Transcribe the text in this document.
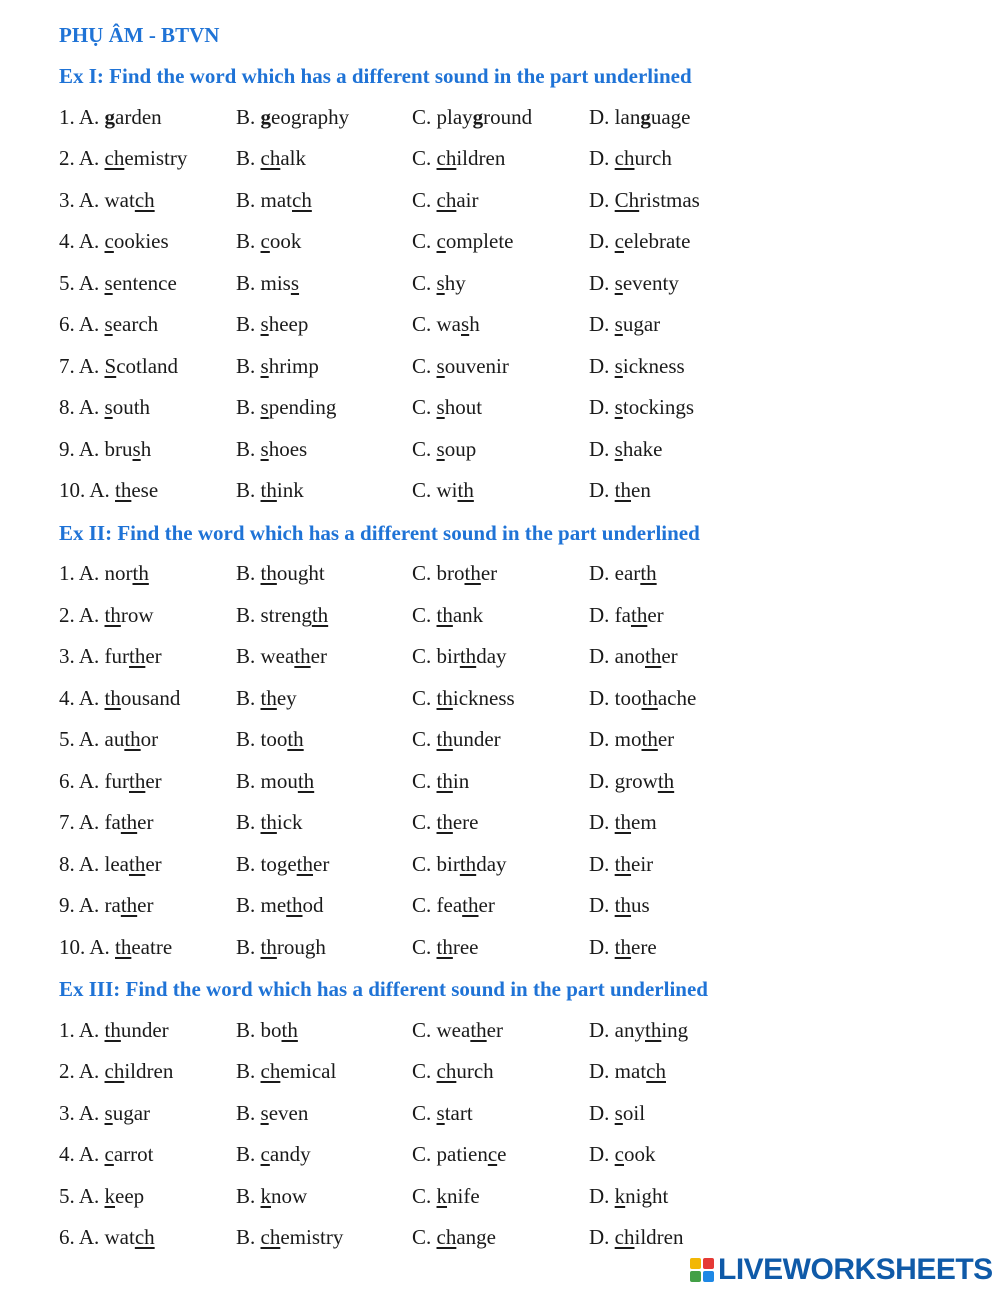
PHỤ ÂM - BTVN
Ex I: Find the word which has a different sound in the part underlined
1. A. garden	B. geography	C. playground	D. language
2. A. chemistry B. chalk	C. children	D. church
3. A. watch	B. match	C. chair	D. Christmas
4. A. cookies	B. cook	C. complete	D. celebrate
5. A. sentence	B. miss	C. shy	D. seventy
6. A. search	B. sheep	C. wash	D. sugar
7. A. Scotland	B. shrimp	C. souvenir	D. sickness
8. A. south	B. spending	C. shout	D. stockings
9. A. brush	B. shoes	C. soup	D. shake
10. A. these	B. think	C. with	D. then
Ex II: Find the word which has a different sound in the part underlined
1. A. north	B. thought	C. brother	D. earth
2. A. throw	B. strength	C. thank	D. father
3. A. further	B. weather	C. birthday	D. another
4. A. thousand	B. they	C. thickness	D. toothache
5. A. author	B. tooth	C. thunder	D. mother
6. A. further	B. mouth	C. thin	D. growth
7. A. father	B. thick	C. there	D. them
8. A. leather	B. together	C. birthday	D. their
9. A. rather	B. method	C. feather	D. thus
10. A. theatre	B. through	C. three	D. there
Ex III: Find the word which has a different sound in the part underlined
1. A. thunder	B. both	C. weather	D. anything
2. A. children	B. chemical	C. church	D. match
3. A. sugar	B. seven	C. start	D. soil
4. A. carrot	B. candy	C. patience	D. cook
5. A. keep	B. know	C. knife	D. knight
6. A. watch	B. chemistry	C. change	D. children
LIVEWORKSHEETS
